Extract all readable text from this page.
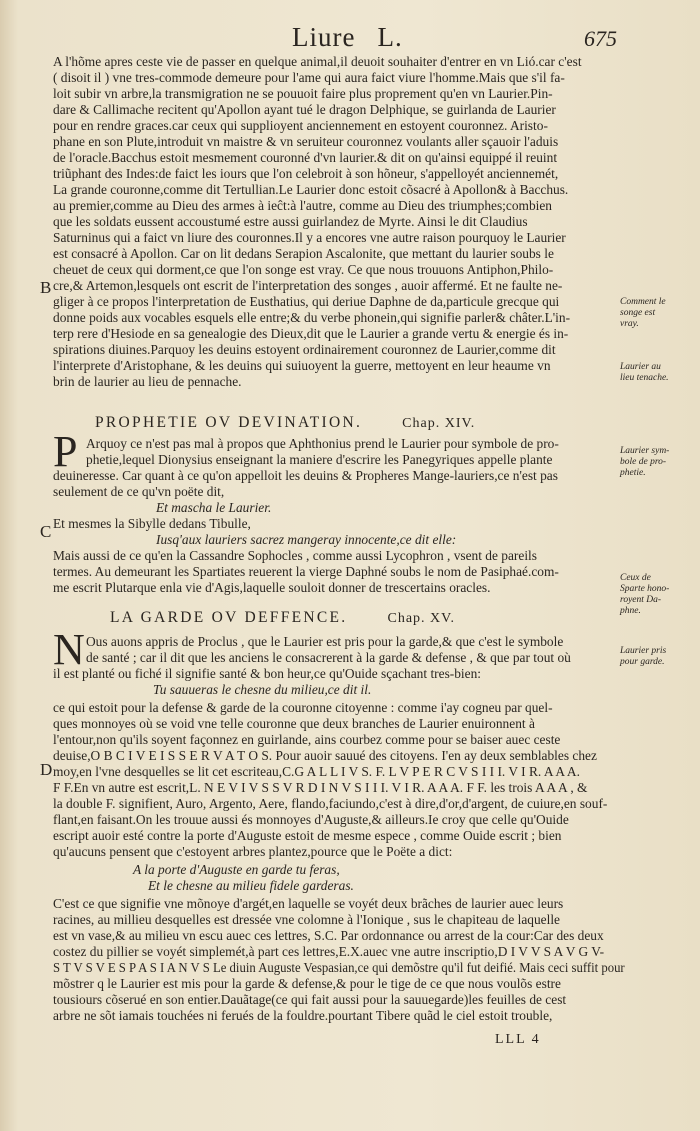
Liure L.	675
A l'hõme apres ceste vie de passer en quelque animal,il deuoit souhaiter d'entrer en vn Lió.car c'est
( disoit il ) vne tres-commode demeure pour l'ame qui aura faict viure l'homme.Mais que s'il fa-
loit subir vn arbre,la transmigration ne se pouuoit faire plus proprement qu'en vn Laurier.Pin-
dare & Callimache recitent qu'Apollon ayant tué le dragon Delphique, se guirlanda de Laurier
pour en rendre graces.car ceux qui supplioyent anciennement en estoyent couronnez. Aristo-
phane en son Plute,introduit vn maistre & vn seruiteur couronnez voulants aller sçauoir l'aduis
de l'oracle.Bacchus estoit mesmement couronné d'vn laurier.& dit on qu'ainsi equippé il reuint
triũphant des Indes:de faict les iours que l'on celebroit à son hõneur, s'appelloyét anciennemét,
La grande couronne,comme dit Tertullian.Le Laurier donc estoit cõsacré à Apollon& à Bacchus.
au premier,comme au Dieu des armes à ieĉt:à l'autre, comme au Dieu des triumphes;combien
que les soldats eussent accoustumé estre aussi guirlandez de Myrte. Ainsi le dit Claudius
Saturninus qui a faict vn liure des couronnes.Il y a encores vne autre raison pourquoy le Laurier
est consacré à Apollon. Car on lit dedans Serapion Ascalonite, que mettant du laurier soubs le
cheuet de ceux qui dorment,ce que l'on songe est vray. Ce que nous trouuons Antiphon,Philo-
cre,& Artemon,lesquels ont escrit de l'interpretation des songes , auoir affermé. Et ne faulte ne-
gliger à ce propos l'interpretation de Eusthatius, qui deriue Daphne de da,particule grecque qui
donne poids aux vocables esquels elle entre;& du verbe phonein,qui signifie parler& châter.L'in-
terp rere d'Hesiode en sa genealogie des Dieux,dit que le Laurier a grande vertu & energie és in-
spirations diuines.Parquoy les deuins estoyent ordinairement couronnez de Laurier,comme dit
l'interprete d'Aristophane, & les deuins qui suiuoyent la guerre, mettoyent en leur heaume vn
brin de laurier au lieu de pennache.
PROPHETIE OV DEVINATION.	Chap. XIV.
P Arquoy ce n'est pas mal à propos que Aphthonius prend le Laurier pour symbole de pro-
phetie,lequel Dionysius enseignant la maniere d'escrire les Panegyriques appelle plante
deuineresse. Car quant à ce qu'on appelloit les deuins & Propheres Mange-lauriers,ce n'est pas
seulement de ce qu'vn poëte dit,
Et mascha le Laurier.
Et mesmes la Sibylle dedans Tibulle,
Iusq'aux lauriers sacrez mangeray innocente,ce dit elle:
Mais aussi de ce qu'en la Cassandre Sophocles , comme aussi Lycophron , vsent de pareils
termes. Au demeurant les Spartiates reuerent la vierge Daphné soubs le nom de Pasiphaé.com-
me escrit Plutarque enla vie d'Agis,laquelle souloit donner de trescertains oracles.
LA GARDE OV DEFFENCE.	Chap. XV.
N Ous auons appris de Proclus , que le Laurier est pris pour la garde,& que c'est le symbole
de santé ; car il dit que les anciens le consacrerent à la garde & defense , & que par tout où
il est planté ou fiché il signifie santé & bon heur,ce qu'Ouide sçachant tres-bien:
Tu sauueras le chesne du milieu,ce dit il.
ce qui estoit pour la defense & garde de la couronne citoyenne : comme i'ay cogneu par quel-
ques monnoyes où se void vne telle couronne que deux branches de Laurier enuironnent à
l'entour,non qu'ils soyent façonnez en guirlande, ains courbez comme pour se baiser auec ceste
deuise,O B C I V E I S S E R V A T O S. Pour auoir sauué des citoyens. I'en ay deux semblables chez
moy,en l'vne desquelles se lit cet escriteau,C.G A L L I V S. F. L V P E R C V S I I I. V I R. A A A.
F F.En vn autre est escrit,L. N E V I V S S V R D I N V S I I I. V I R. A A A. F F. les trois A A A , &
la double F. signifient, Auro, Argento, Aere, flando,faciundo,c'est à dire,d'or,d'argent, de cuiure,en souf-
flant,en faisant.On les trouue aussi és monnoyes d'Auguste,& ailleurs.Ie croy que celle qu'Ouide
escript auoir esté contre la porte d'Auguste estoit de mesme espece , comme Ouide escrit ; bien
qu'aucuns pensent que c'estoyent arbres plantez,pource que le Poëte a dict:
A la porte d'Auguste en garde tu feras,
Et le chesne au milieu fidele garderas.
C'est ce que signifie vne mõnoye d'argét,en laquelle se voyét deux brãches de laurier auec leurs
racines, au millieu desquelles est dressée vne colomne à l'Ionique , sus le chapiteau de laquelle
est vn vase,& au milieu vn escu auec ces lettres, S.C. Par ordonnance ou arrest de la cour:Car des deux
costez du pillier se voyét simplemét,à part ces lettres,E.X.auec vne autre inscriptio,D I V V S A V G V-
S T V S V E S P A S I A N V S Le diuin Auguste Vespasian,ce qui demõstre qu'il fut deifié. Mais ceci suffit pour
mõstrer q le Laurier est mis pour la garde & defense,& pour le tige de ce que nous voulõs estre
tousiours cõserué en son entier.Dauãtage(ce qui fait aussi pour la sauuegarde)les feuilles de cest
arbre ne sõt iamais touchées ni ferués de la fouldre.pourtant Tibere quãd le ciel estoit trouble,
B
C
D
Comment le
songe est
vray.
Laurier au
lieu tenache.
Laurier sym-
bole de pro-
phetie.
Ceux de
Sparte hono-
royent Da-
phne.
Laurier pris
pour garde.
LLL 4
